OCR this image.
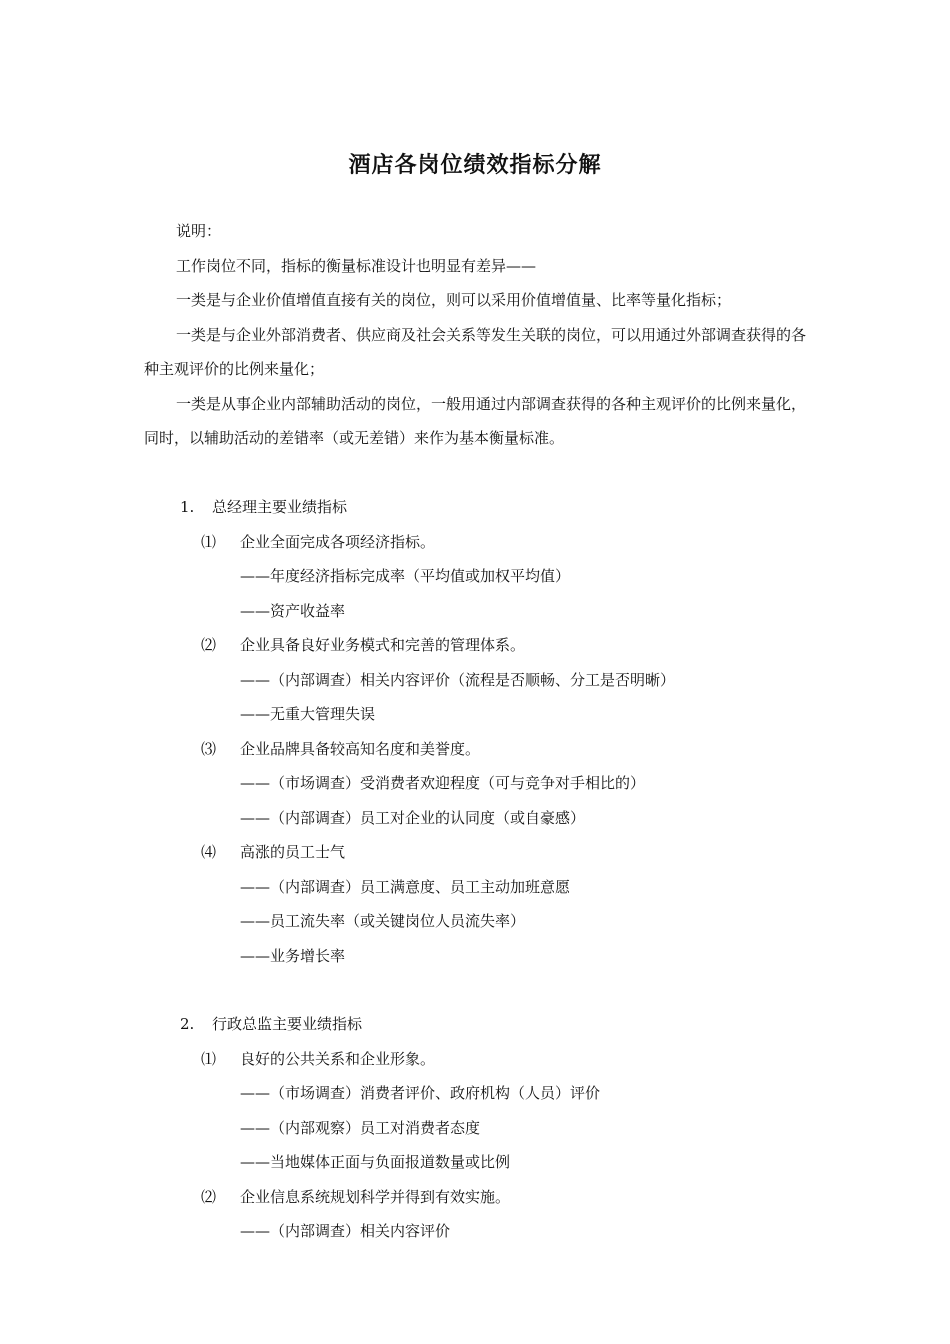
酒店各岗位绩效指标分解

说明：

工作岗位不同，指标的衡量标准设计也明显有差异——

一类是与企业价值增值直接有关的岗位，则可以采用价值增值量、比率等量化指标；

一类是与企业外部消费者、供应商及社会关系等发生关联的岗位，可以用通过外部调查获得的各种主观评价的比例来量化；

一类是从事企业内部辅助活动的岗位，一般用通过内部调查获得的各种主观评价的比例来量化，同时，以辅助活动的差错率（或无差错）来作为基本衡量标准。

1. 总经理主要业绩指标
⑴ 企业全面完成各项经济指标。
——年度经济指标完成率（平均值或加权平均值）
——资产收益率
⑵ 企业具备良好业务模式和完善的管理体系。
——（内部调查）相关内容评价（流程是否顺畅、分工是否明晰）
——无重大管理失误
⑶ 企业品牌具备较高知名度和美誉度。
——（市场调查）受消费者欢迎程度（可与竞争对手相比的）
——（内部调查）员工对企业的认同度（或自豪感）
⑷ 高涨的员工士气
——（内部调查）员工满意度、员工主动加班意愿
——员工流失率（或关键岗位人员流失率）
——业务增长率
2. 行政总监主要业绩指标
⑴ 良好的公共关系和企业形象。
——（市场调查）消费者评价、政府机构（人员）评价
——（内部观察）员工对消费者态度
——当地媒体正面与负面报道数量或比例
⑵ 企业信息系统规划科学并得到有效实施。
——（内部调查）相关内容评价
